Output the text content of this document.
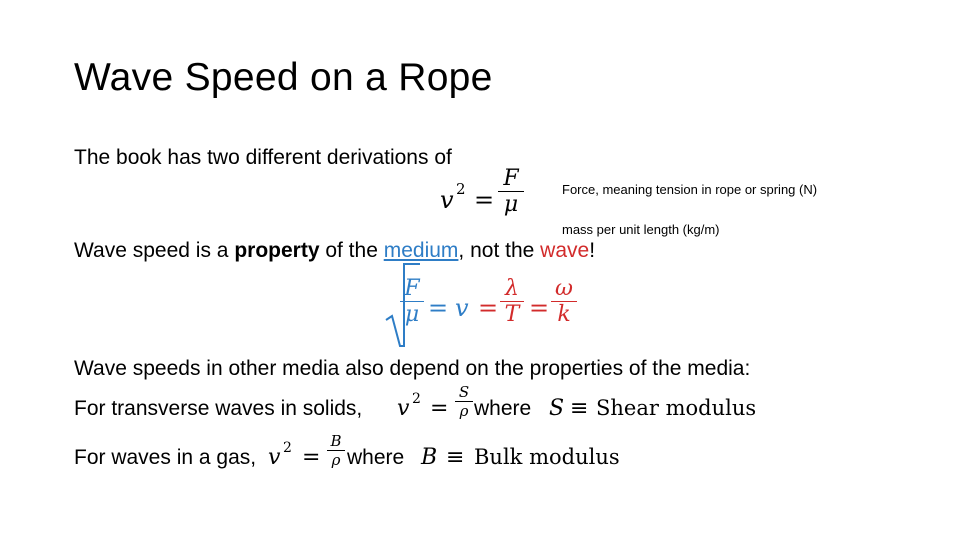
Wave Speed on a Rope
The book has two different derivations of
v 2 =
F
μ
Force, meaning tension in rope or spring (N)
mass per unit length (kg/m)
Wave speed is a property of the medium, not the wave!
F
μ = v =
λ
T =
ω
k
Wave speeds in other media also depend on the properties of the media:
For transverse waves in solids, v 2 =
S
ρ where S ≡ Shear modulus
For waves in a gas, v 2 =
B
ρ where B ≡ Bulk modulus
